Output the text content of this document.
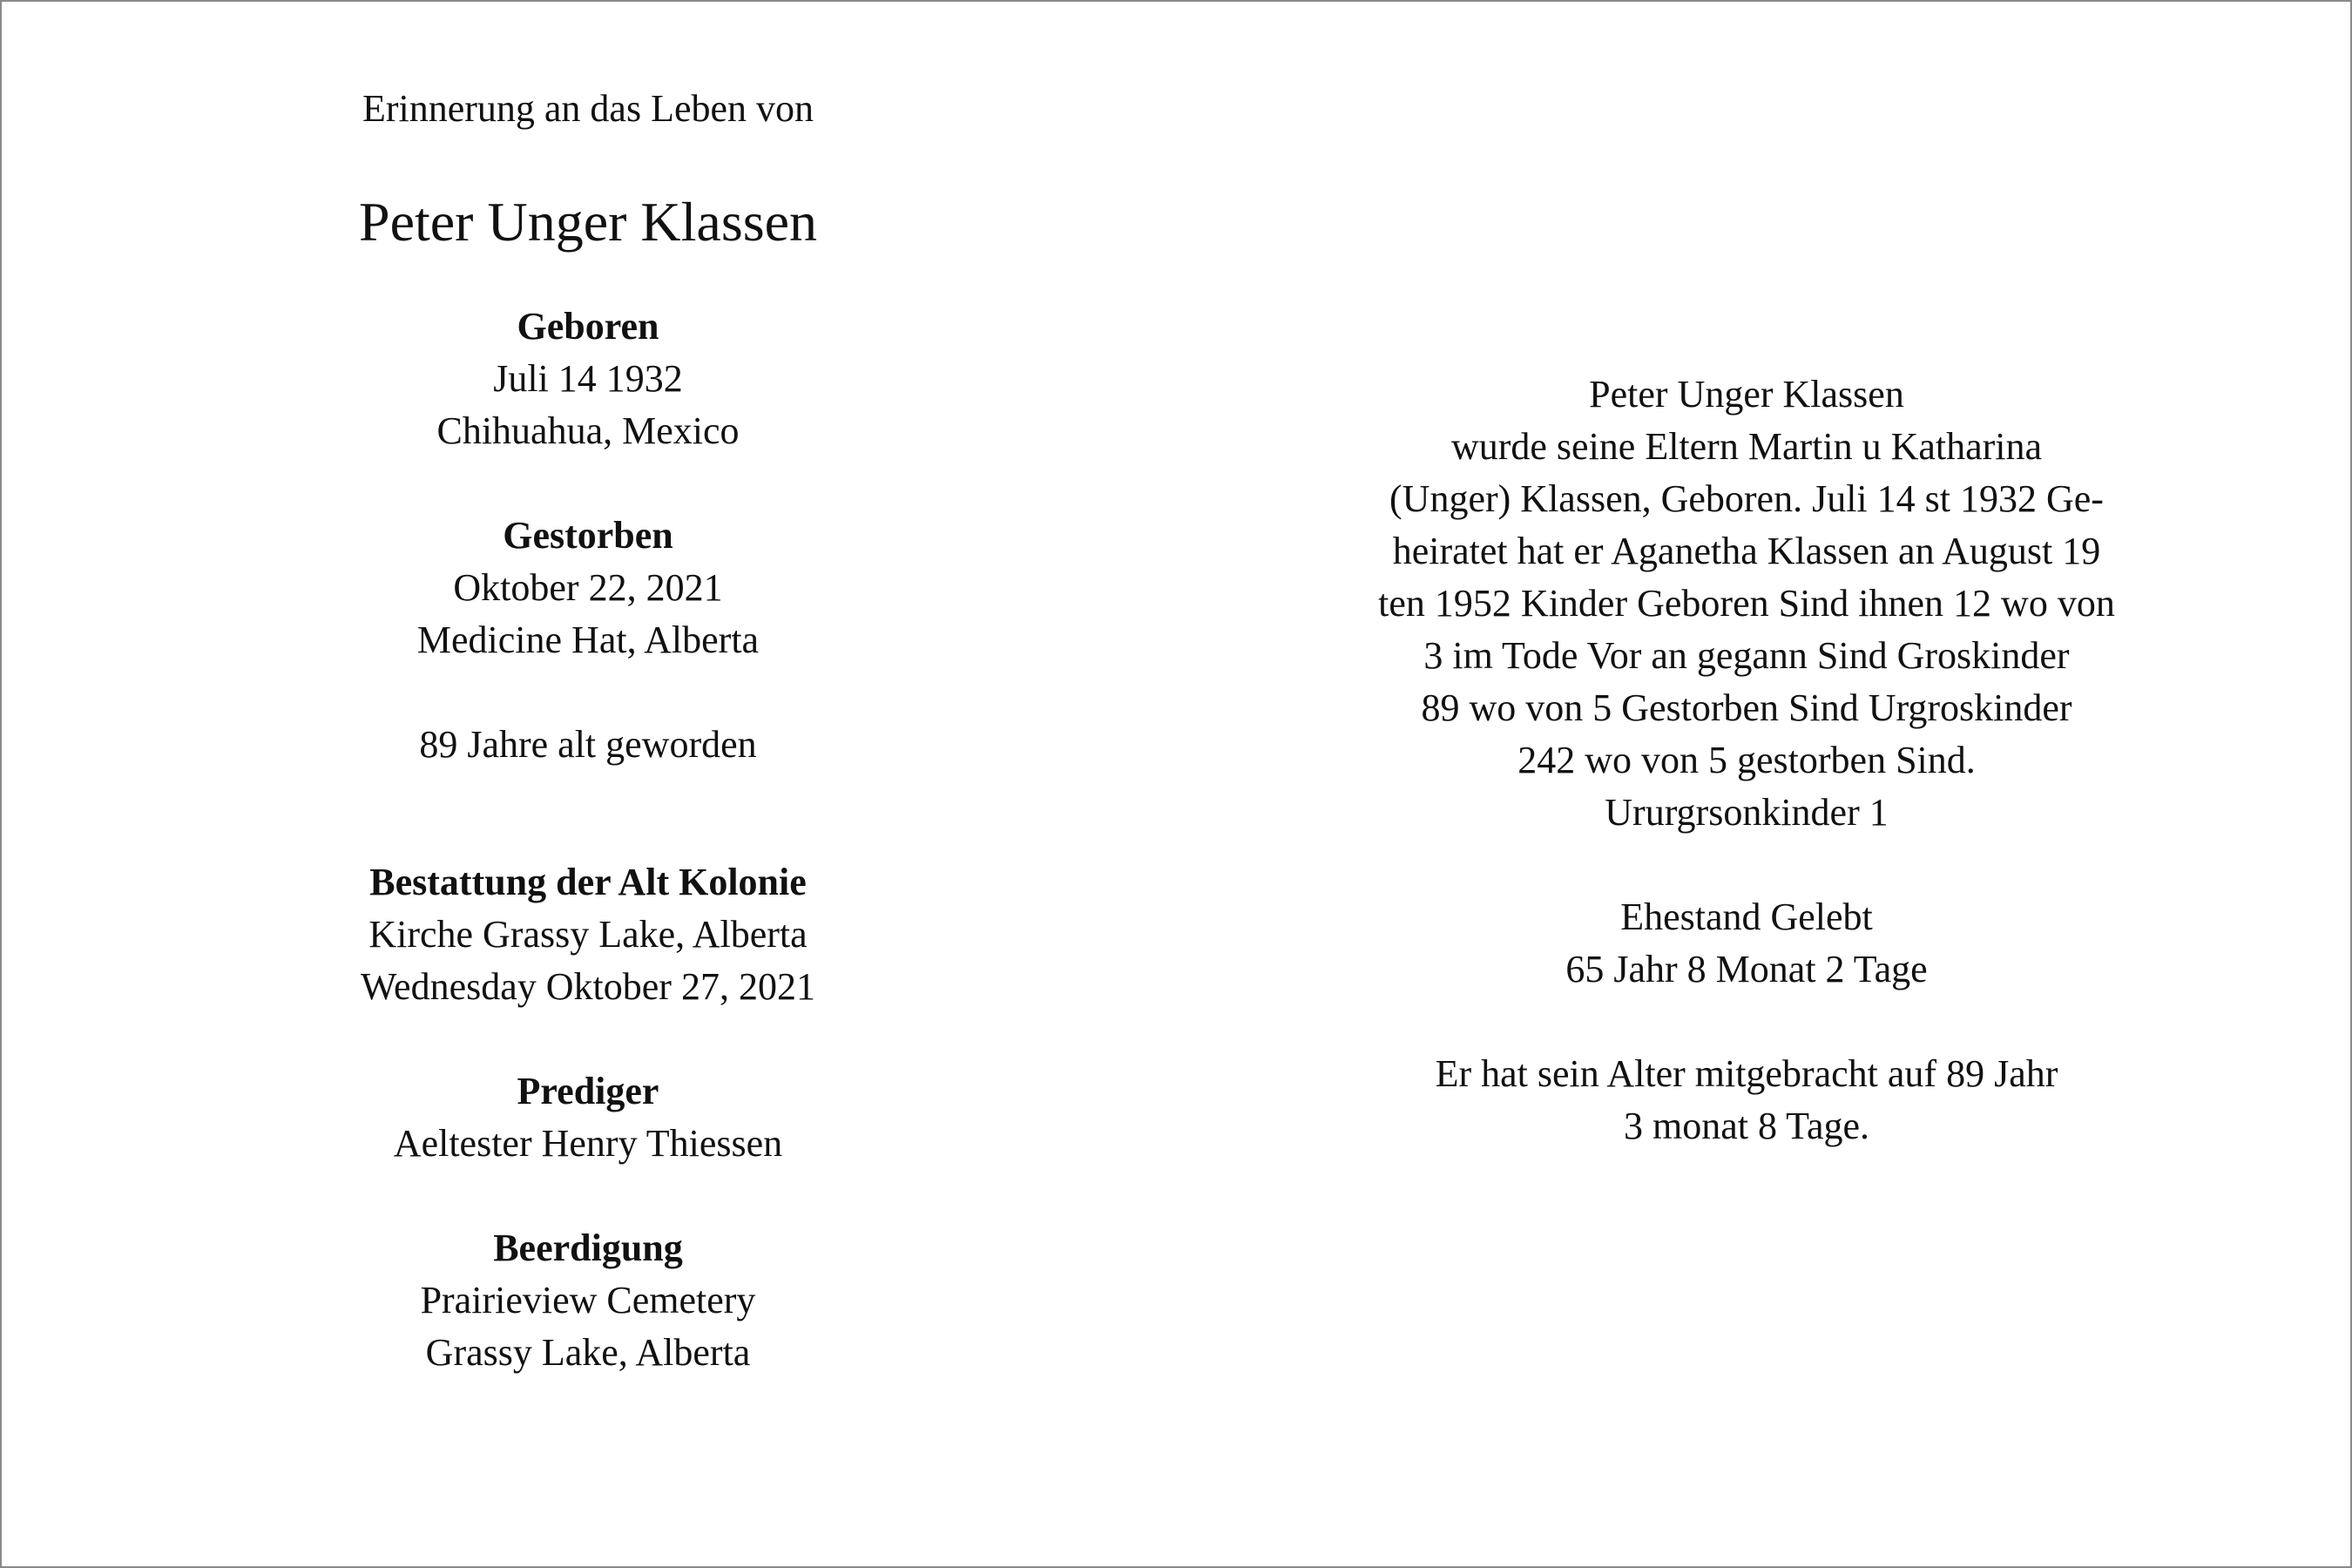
Erinnerung an das Leben von
Peter Unger Klassen
Geboren
Juli 14 1932
Chihuahua, Mexico
Gestorben
Oktober 22, 2021
Medicine Hat, Alberta
89 Jahre alt geworden
Bestattung der Alt Kolonie
Kirche Grassy Lake, Alberta
Wednesday Oktober 27, 2021
Prediger
Aeltester Henry Thiessen
Beerdigung
Prairieview Cemetery
Grassy Lake, Alberta
Peter Unger Klassen
wurde seine Eltern Martin u Katharina
(Unger) Klassen, Geboren. Juli 14 st 1932 Ge-
heiratet hat er Aganetha Klassen an August 19
ten 1952 Kinder Geboren Sind ihnen 12 wo von
3 im Tode Vor an gegann Sind Groskinder
89 wo von 5 Gestorben Sind Urgroskinder
242 wo von 5 gestorben Sind.
Ururgrsonkinder 1
Ehestand Gelebt
65 Jahr 8 Monat 2 Tage
Er hat sein Alter mitgebracht auf 89 Jahr
3 monat 8 Tage.
